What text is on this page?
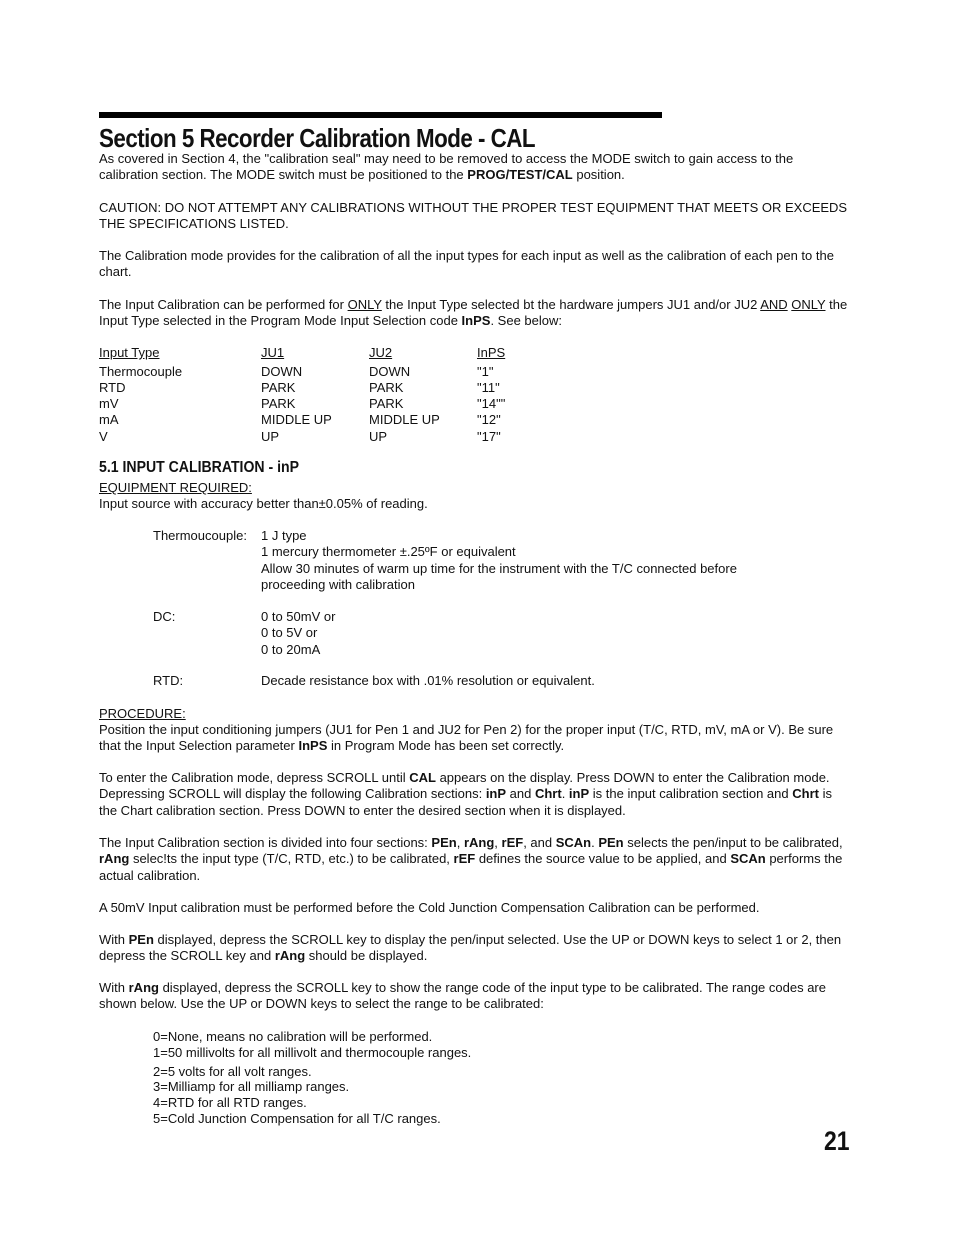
Section 5 Recorder Calibration Mode - CAL

As covered in Section 4, the "calibration seal" may need to be removed to access the MODE switch to gain access to the calibration section. The MODE switch must be positioned to the PROG/TEST/CAL position.

CAUTION: DO NOT ATTEMPT ANY CALIBRATIONS WITHOUT THE PROPER TEST EQUIPMENT THAT MEETS OR EXCEEDS THE SPECIFICATIONS LISTED.

The Calibration mode provides for the calibration of all the input types for each input as well as the calibration of each pen to the chart.

The Input Calibration can be performed for ONLY the Input Type selected bt the hardware jumpers JU1 and/or JU2 AND ONLY the Input Type selected in the Program Mode Input Selection code InPS. See below:

Input Type	JU1	JU2	InPS
Thermocouple	DOWN	DOWN	"1"
RTD	PARK	PARK	"11"
mV	PARK	PARK	"14""
mA	MIDDLE UP	MIDDLE UP	"12"
V	UP	UP	"17"
5.1 INPUT CALIBRATION - inP

EQUIPMENT REQUIRED:

Input source with accuracy better than±0.05% of reading.

Thermoucouple: 1 J type
1 mercury thermometer ±.25ºF or equivalent
Allow 30 minutes of warm up time for the instrument with the T/C connected before
proceeding with calibration
DC:	0 to 50mV or
0 to 5V or
0 to 20mA
RTD:	Decade resistance box with .01% resolution or equivalent.

PROCEDURE:

Position the input conditioning jumpers (JU1 for Pen 1 and JU2 for Pen 2) for the proper input (T/C, RTD, mV, mA or V). Be sure that the Input Selection parameter InPS in Program Mode has been set correctly.

To enter the Calibration mode, depress SCROLL until CAL appears on the display. Press DOWN to enter the Calibration mode. Depressing SCROLL will display the following Calibration sections: inP and Chrt. inP is the input calibration section and Chrt is the Chart calibration section. Press DOWN to enter the desired section when it is displayed.

The Input Calibration section is divided into four sections: PEn, rAng, rEF, and SCAn. PEn selects the pen/input to be calibrated, rAng selec!ts the input type (T/C, RTD, etc.) to be calibrated, rEF defines the source value to be applied, and SCAn performs the actual calibration.

A 50mV Input calibration must be performed before the Cold Junction Compensation Calibration can be performed.

With PEn displayed, depress the SCROLL key to display the pen/input selected. Use the UP or DOWN keys to select 1 or 2, then depress the SCROLL key and rAng should be displayed.

With rAng displayed, depress the SCROLL key to show the range code of the input type to be calibrated. The range codes are shown below. Use the UP or DOWN keys to select the range to be calibrated:

0=None, means no calibration will be performed.
1=50 millivolts for all millivolt and thermocouple ranges.
2=5 volts for all volt ranges.
3=Milliamp for all milliamp ranges.
4=RTD for all RTD ranges.
5=Cold Junction Compensation for all T/C ranges.
21
